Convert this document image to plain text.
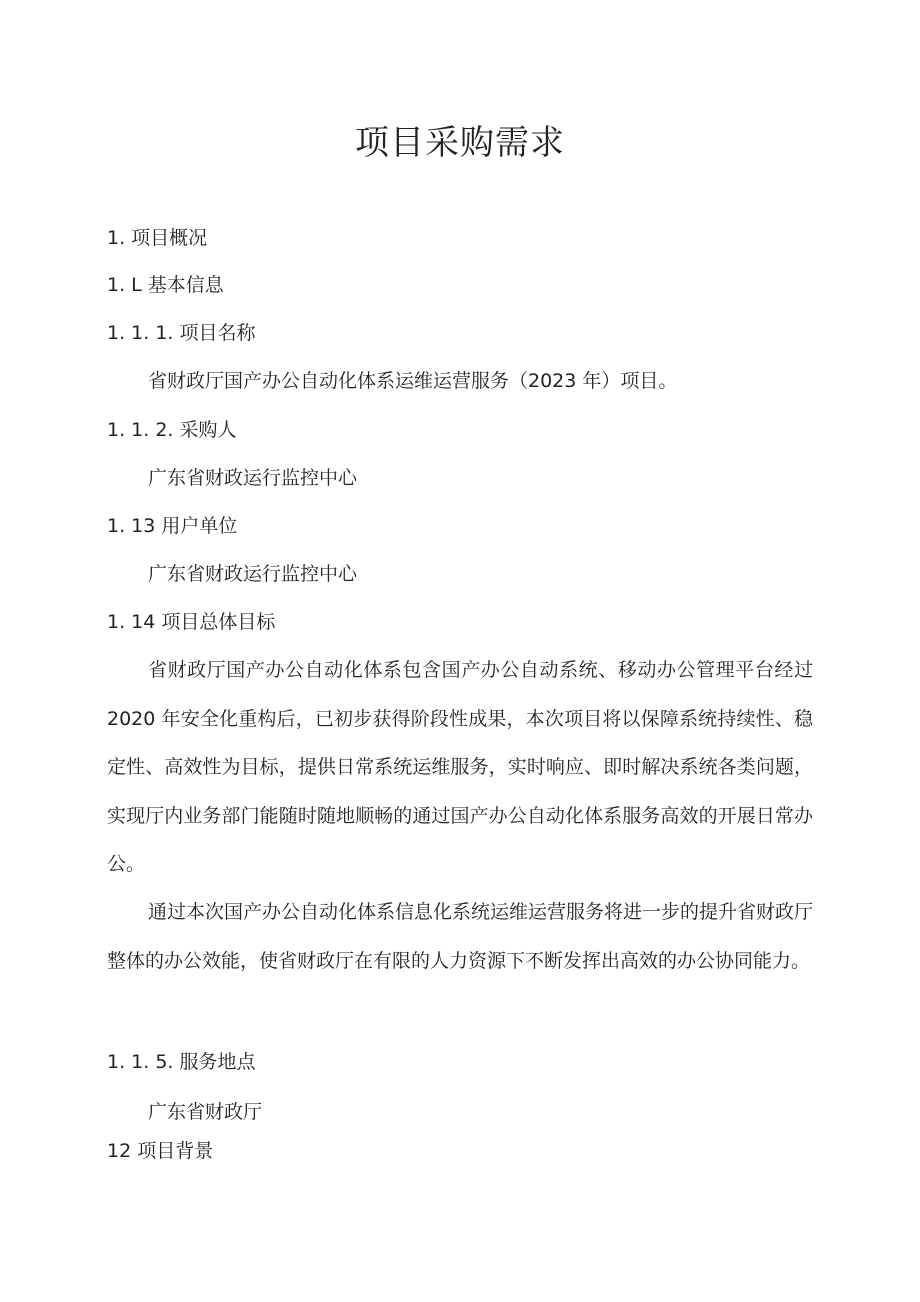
项目采购需求

1. 项目概况

1. L 基本信息

1. 1. 1. 项目名称

省财政厅国产办公自动化体系运维运营服务（2023 年）项目。

1. 1. 2. 采购人

广东省财政运行监控中心

1. 13 用户单位

广东省财政运行监控中心

1. 14 项目总体目标

省财政厅国产办公自动化体系包含国产办公自动系统、移动办公管理平台经过 2020 年安全化重构后，已初步获得阶段性成果，本次项目将以保障系统持续性、稳定性、高效性为目标，提供日常系统运维服务，实时响应、即时解决系统各类问题，实现厅内业务部门能随时随地顺畅的通过国产办公自动化体系服务高效的开展日常办公。

通过本次国产办公自动化体系信息化系统运维运营服务将进一步的提升省财政厅整体的办公效能，使省财政厅在有限的人力资源下不断发挥出高效的办公协同能力。

1. 1. 5. 服务地点

广东省财政厅

12 项目背景
